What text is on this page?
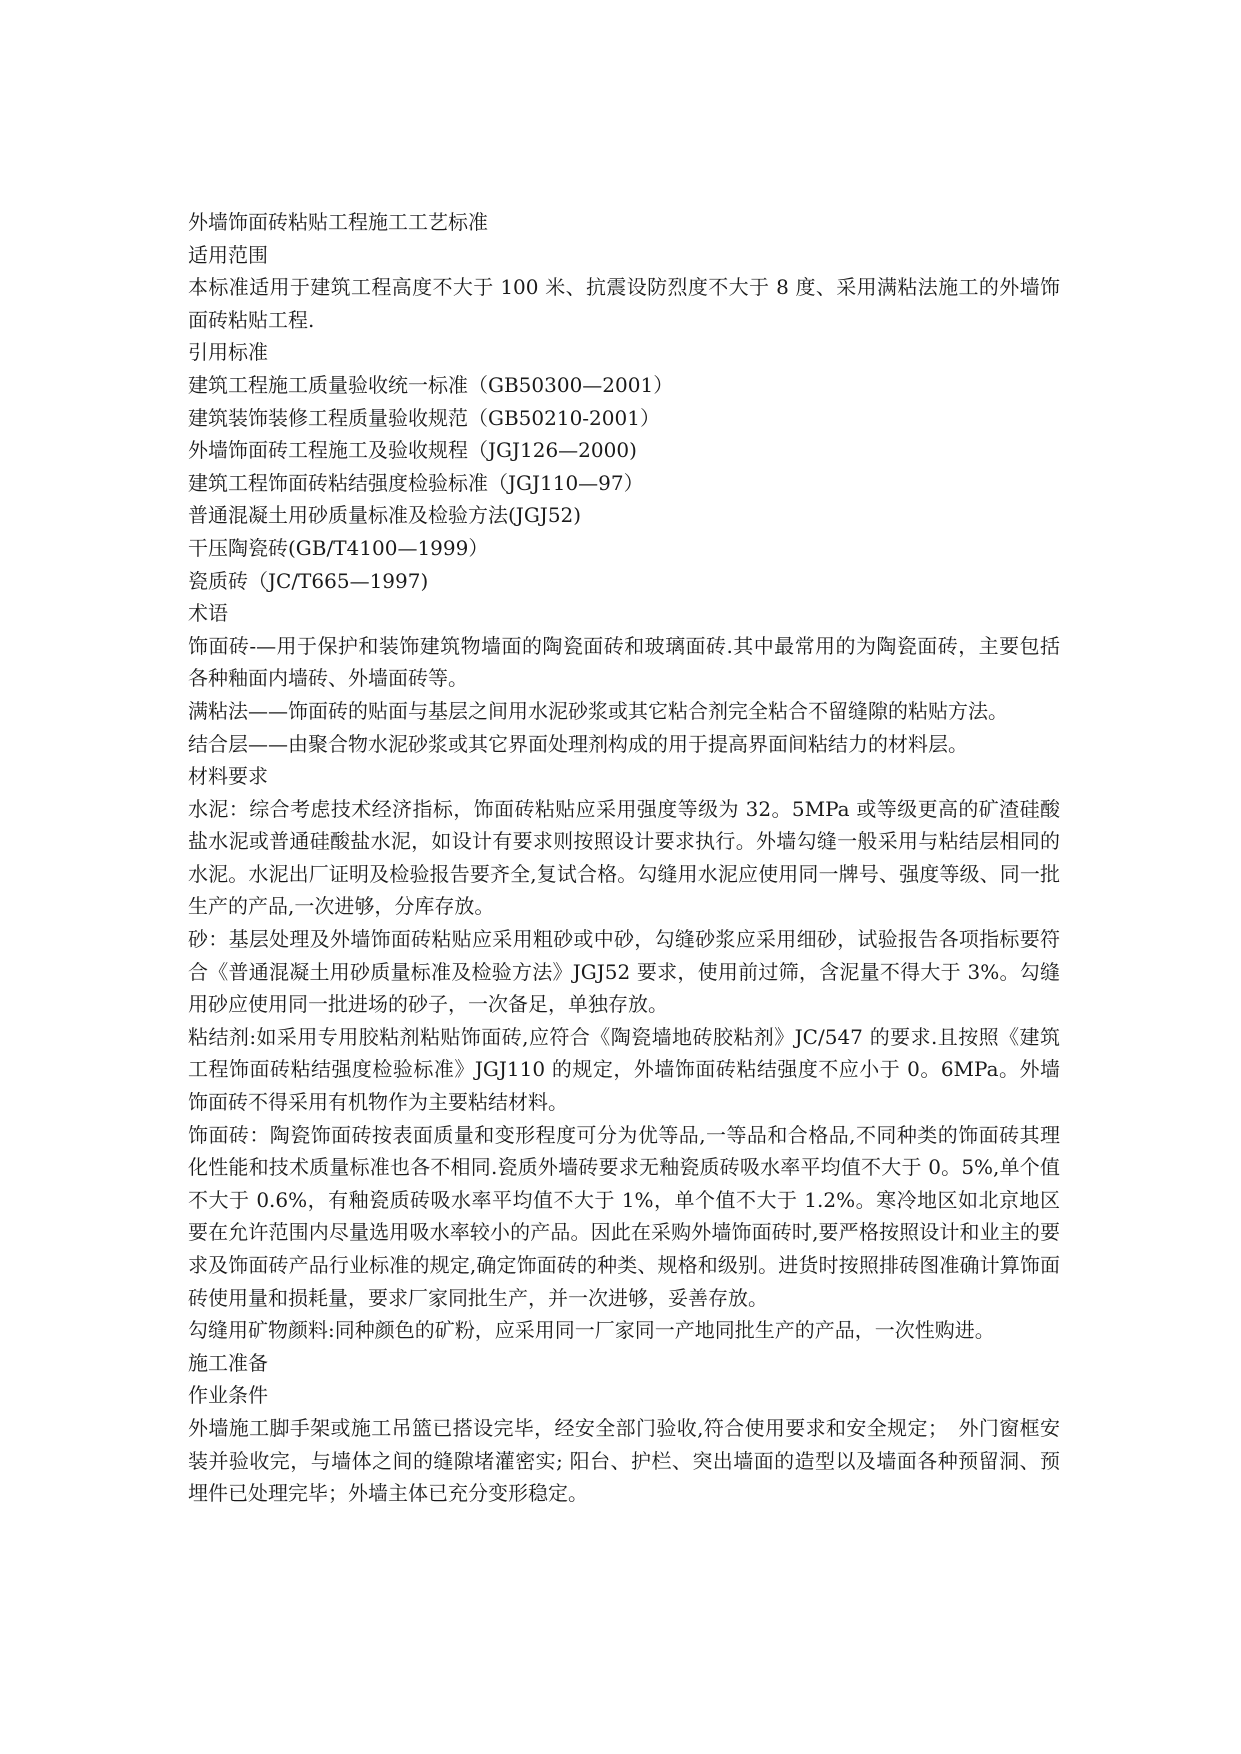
外墙饰面砖粘贴工程施工工艺标准
适用范围
本标准适用于建筑工程高度不大于 100 米、抗震设防烈度不大于 8 度、采用满粘法施工的外墙饰面砖粘贴工程.
引用标准
建筑工程施工质量验收统一标准（GB50300—2001）
建筑装饰装修工程质量验收规范（GB50210-2001）
外墙饰面砖工程施工及验收规程（JGJ126—2000)
建筑工程饰面砖粘结强度检验标准（JGJ110—97）
普通混凝土用砂质量标准及检验方法(JGJ52)
干压陶瓷砖(GB/T4100—1999）
瓷质砖（JC/T665—1997)
术语
饰面砖-—用于保护和装饰建筑物墙面的陶瓷面砖和玻璃面砖.其中最常用的为陶瓷面砖，主要包括各种釉面内墙砖、外墙面砖等。
满粘法——饰面砖的贴面与基层之间用水泥砂浆或其它粘合剂完全粘合不留缝隙的粘贴方法。
结合层——由聚合物水泥砂浆或其它界面处理剂构成的用于提高界面间粘结力的材料层。
材料要求
水泥：综合考虑技术经济指标，饰面砖粘贴应采用强度等级为 32。5MPa 或等级更高的矿渣硅酸盐水泥或普通硅酸盐水泥，如设计有要求则按照设计要求执行。外墙勾缝一般采用与粘结层相同的水泥。水泥出厂证明及检验报告要齐全,复试合格。勾缝用水泥应使用同一牌号、强度等级、同一批生产的产品,一次进够，分库存放。
砂：基层处理及外墙饰面砖粘贴应采用粗砂或中砂，勾缝砂浆应采用细砂，试验报告各项指标要符合《普通混凝土用砂质量标准及检验方法》JGJ52 要求，使用前过筛，含泥量不得大于 3%。勾缝用砂应使用同一批进场的砂子，一次备足，单独存放。
粘结剂:如采用专用胶粘剂粘贴饰面砖,应符合《陶瓷墙地砖胶粘剂》JC/547 的要求.且按照《建筑工程饰面砖粘结强度检验标准》JGJ110 的规定，外墙饰面砖粘结强度不应小于 0。6MPa。外墙饰面砖不得采用有机物作为主要粘结材料。
饰面砖：陶瓷饰面砖按表面质量和变形程度可分为优等品,一等品和合格品,不同种类的饰面砖其理化性能和技术质量标准也各不相同.瓷质外墙砖要求无釉瓷质砖吸水率平均值不大于 0。5%,单个值不大于 0.6%，有釉瓷质砖吸水率平均值不大于 1%，单个值不大于 1.2%。寒冷地区如北京地区要在允许范围内尽量选用吸水率较小的产品。因此在采购外墙饰面砖时,要严格按照设计和业主的要求及饰面砖产品行业标准的规定,确定饰面砖的种类、规格和级别。进货时按照排砖图准确计算饰面砖使用量和损耗量，要求厂家同批生产，并一次进够，妥善存放。
勾缝用矿物颜料:同种颜色的矿粉，应采用同一厂家同一产地同批生产的产品，一次性购进。
施工准备
作业条件
外墙施工脚手架或施工吊篮已搭设完毕，经安全部门验收,符合使用要求和安全规定；　外门窗框安装并验收完，与墙体之间的缝隙堵灌密实; 阳台、护栏、突出墙面的造型以及墙面各种预留洞、预埋件已处理完毕；外墙主体已充分变形稳定。
